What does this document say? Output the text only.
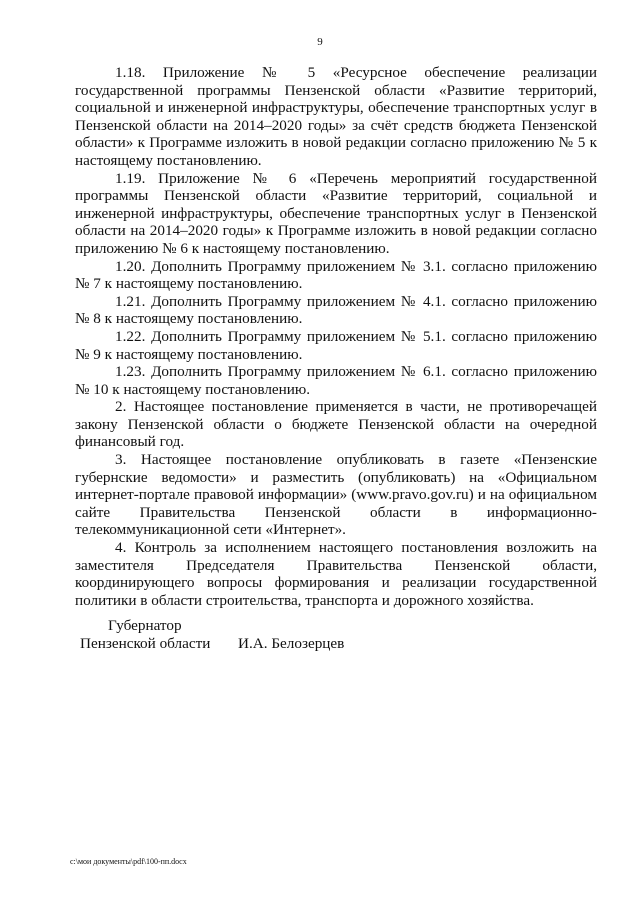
9

1.18. Приложение № 5 «Ресурсное обеспечение реализации государственной программы Пензенской области «Развитие территорий, социальной и инженерной инфраструктуры, обеспечение транспортных услуг в Пензенской области на 2014–2020 годы» за счёт средств бюджета Пензенской области» к Программе изложить в новой редакции согласно приложению № 5 к настоящему постановлению.

1.19. Приложение № 6 «Перечень мероприятий государственной программы Пензенской области «Развитие территорий, социальной и инженерной инфраструктуры, обеспечение транспортных услуг в Пензенской области на 2014–2020 годы» к Программе изложить в новой редакции согласно приложению № 6 к настоящему постановлению.

1.20. Дополнить Программу приложением № 3.1. согласно приложению № 7 к настоящему постановлению.

1.21. Дополнить Программу приложением № 4.1. согласно приложению № 8 к настоящему постановлению.

1.22. Дополнить Программу приложением № 5.1. согласно приложению № 9 к настоящему постановлению.

1.23. Дополнить Программу приложением № 6.1. согласно приложению № 10 к настоящему постановлению.

2. Настоящее постановление применяется в части, не противоречащей закону Пензенской области о бюджете Пензенской области на очередной финансовый год.

3. Настоящее постановление опубликовать в газете «Пензенские губернские ведомости» и разместить (опубликовать) на «Официальном интернет-портале правовой информации» (www.pravo.gov.ru) и на официальном сайте Правительства Пензенской области в информационно-телекоммуникационной сети «Интернет».

4. Контроль за исполнением настоящего постановления возложить на заместителя Председателя Правительства Пензенской области, координирующего вопросы формирования и реализации государственной политики в области строительства, транспорта и дорожного хозяйства.

Губернатор
Пензенской области И.А. Белозерцев
c:\мои документы\pdf\100-пп.docx
